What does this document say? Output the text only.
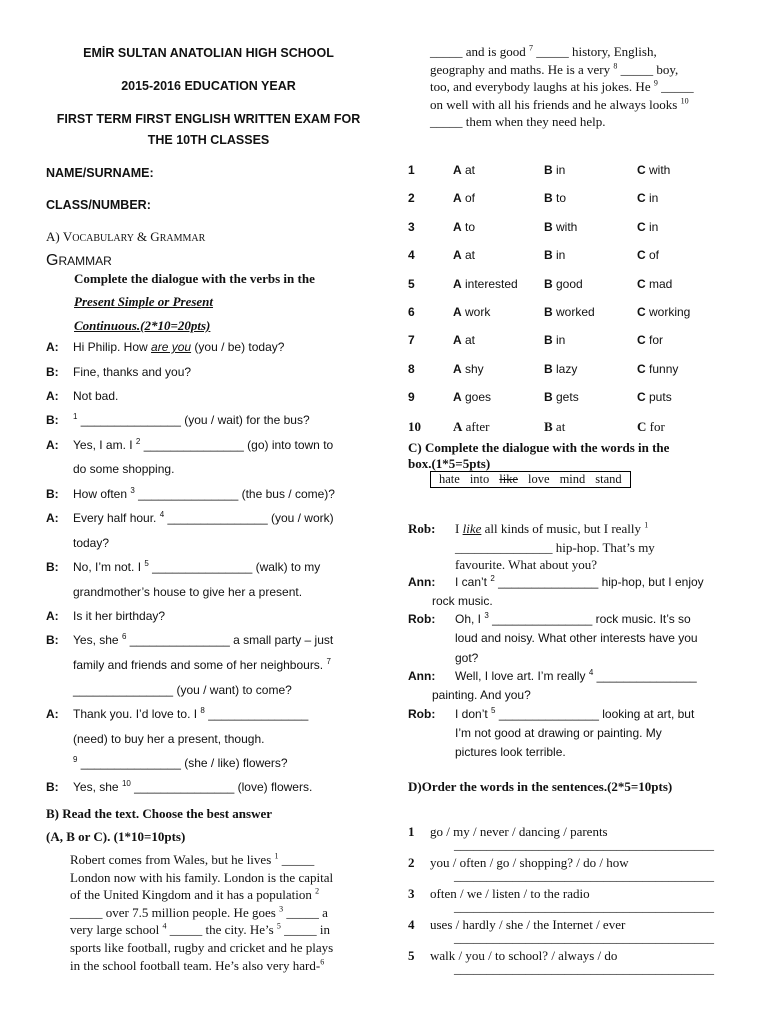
EMİR SULTAN ANATOLIAN HIGH SCHOOL
2015-2016 EDUCATION YEAR
FIRST TERM FIRST ENGLISH WRITTEN EXAM FOR
THE 10TH CLASSES
NAME/SURNAME:
CLASS/NUMBER:
A) VOCABULARY & GRAMMAR
GRAMMAR
Complete the dialogue with the verbs in the
Present Simple or Present
Continuous.(2*10=20pts)
A: Hi Philip. How are you (you / be) today?
B: Fine, thanks and you?
A: Not bad.
B: $^1$ _______________ (you / wait) for the bus?
A: Yes, I am. I $^2$ _______________ (go) into town to
do some shopping.
B: How often $^3$ _______________ (the bus / come)?
A: Every half hour. $^4$ _______________ (you / work)
today?
B: No, I’m not. I $^5$ _______________ (walk) to my
grandmother’s house to give her a present.
A: Is it her birthday?
B: Yes, she $^6$ _______________ a small party – just
family and friends and some of her neighbours. $^7$
_______________ (you / want) to come?
A: Thank you. I’d love to. I $^8$ _______________
(need) to buy her a present, though.
$^9$ _______________ (she / like) flowers?
B: Yes, she $^{10}$ _______________ (love) flowers.
B) Read the text. Choose the best answer
(A, B or C). (1*10=10pts)
Robert comes from Wales, but he lives $^1$ _____
London now with his family. London is the capital
of the United Kingdom and it has a population $^2$
_____ over 7.5 million people. He goes $^3$ _____ a
very large school $^4$ _____ the city. He’s $^5$ _____ in
sports like football, rugby and cricket and he plays
in the school football team. He’s also very hard-$^6$
_____ and is good $^7$ _____ history, English,
geography and maths. He is a very $^8$ _____ boy,
too, and everybody laughs at his jokes. He $^9$ _____
on well with all his friends and he always looks $^{10}$
_____ them when they need help.
1	A at	B in	C with
2	A of	B to	C in
3	A to	B with	C in
4	A at	B in	C of
5	A interested B good	C mad
6	A work	B worked	C working
7	A at	B in	C for
8	A shy	B lazy	C funny
9	A goes	B gets	C puts
10 A after	B at	C for
C) Complete the dialogue with the words in the
box.(1*5=5pts)
hate into like love mind stand
Rob: I like all kinds of music, but I really $^1$
_______________ hip-hop. That’s my
favourite. What about you?
Ann: I can’t $^2$ _______________ hip-hop, but I enjoy
rock music.
Rob: Oh, I $^3$ _______________ rock music. It’s so
loud and noisy. What other interests have you
got?
Ann: Well, I love art. I’m really $^4$ _______________
painting. And you?
Rob: I don’t $^5$ _______________ looking at art, but
I’m not good at drawing or painting. My
pictures look terrible.
D)Order the words in the sentences.(2*5=10pts)
1 go / my / never / dancing / parents
________________________________________
2 you / often / go / shopping? / do / how
________________________________________
3 often / we / listen / to the radio
________________________________________
4 uses / hardly / she / the Internet / ever
________________________________________
5 walk / you / to school? / always / do
________________________________________
